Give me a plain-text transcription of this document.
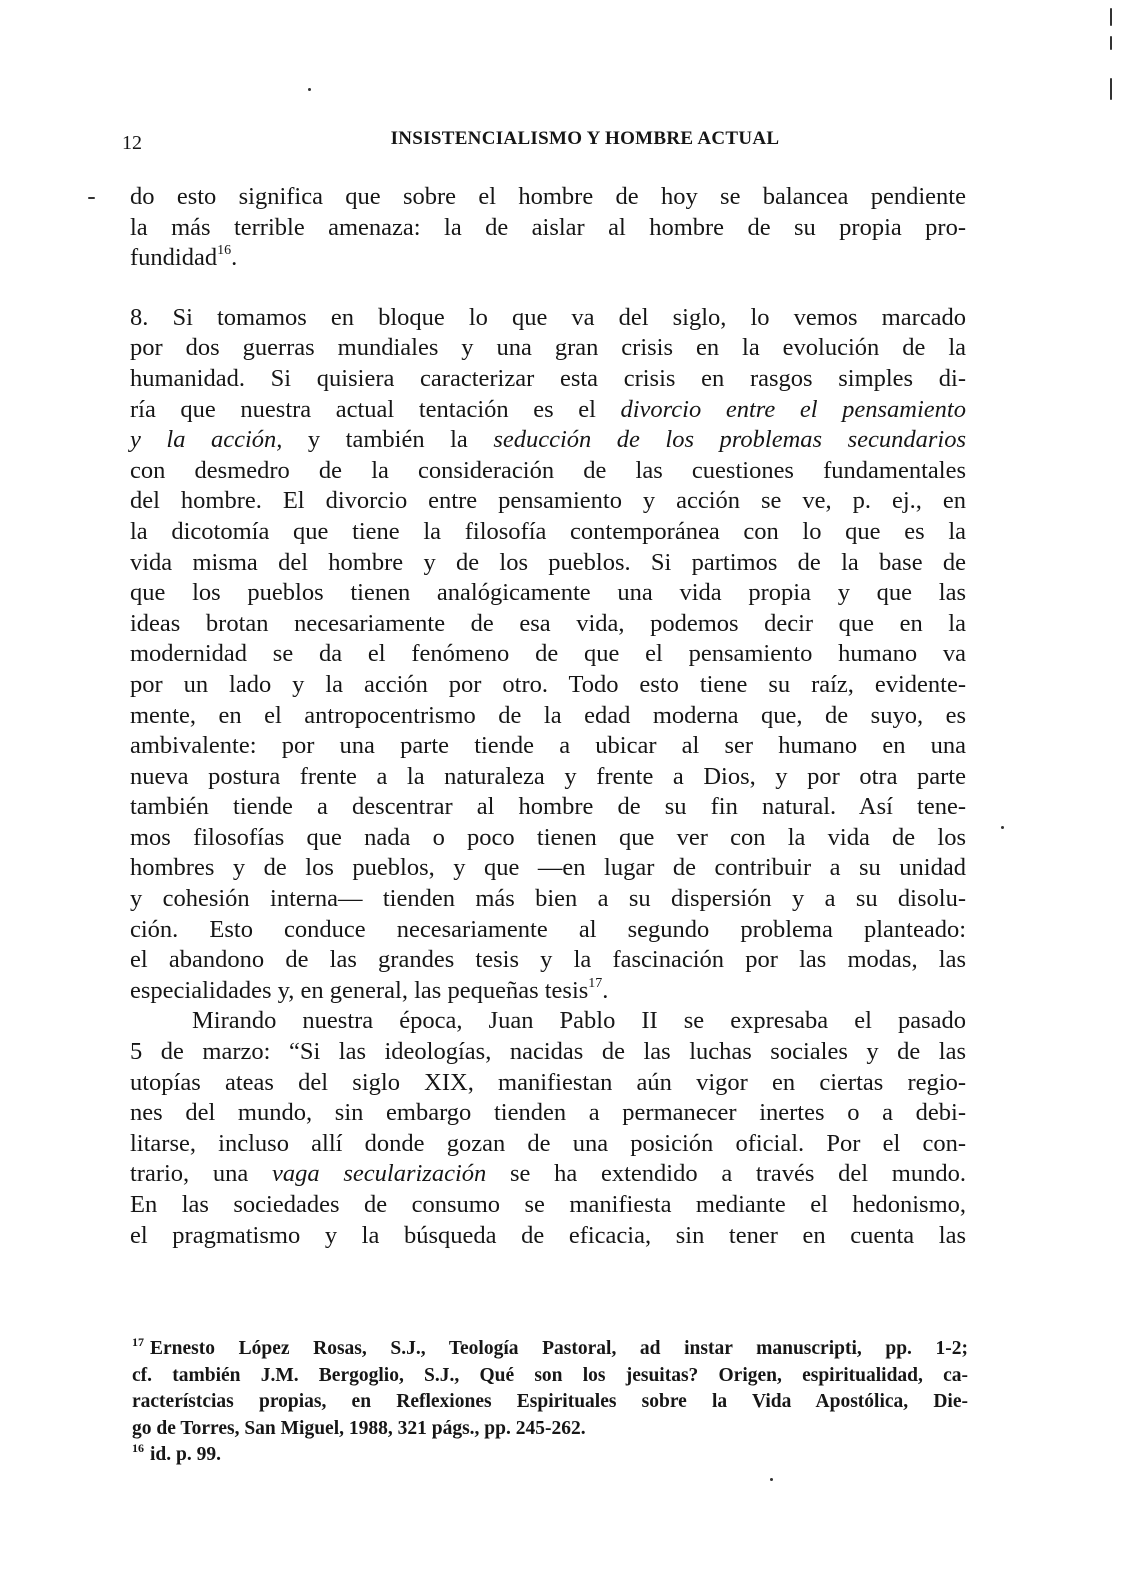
12	INSISTENCIALISMO Y HOMBRE ACTUAL

do esto significa que sobre el hombre de hoy se balancea pendiente
la más terrible amenaza: la de aislar al hombre de su propia pro-
fundidad$^{16}$.

8. Si tomamos en bloque lo que va del siglo, lo vemos marcado
por dos guerras mundiales y una gran crisis en la evolución de la
humanidad. Si quisiera caracterizar esta crisis en rasgos simples di-
ría que nuestra actual tentación es el divorcio entre el pensamiento
y la acción, y también la seducción de los problemas secundarios
con desmedro de la consideración de las cuestiones fundamentales
del hombre. El divorcio entre pensamiento y acción se ve, p. ej., en
la dicotomía que tiene la filosofía contemporánea con lo que es la
vida misma del hombre y de los pueblos. Si partimos de la base de
que los pueblos tienen analógicamente una vida propia y que las
ideas brotan necesariamente de esa vida, podemos decir que en la
modernidad se da el fenómeno de que el pensamiento humano va
por un lado y la acción por otro. Todo esto tiene su raíz, evidente-
mente, en el antropocentrismo de la edad moderna que, de suyo, es
ambivalente: por una parte tiende a ubicar al ser humano en una
nueva postura frente a la naturaleza y frente a Dios, y por otra parte
también tiende a descentrar al hombre de su fin natural. Así tene-
mos filosofías que nada o poco tienen que ver con la vida de los
hombres y de los pueblos, y que —en lugar de contribuir a su unidad
y cohesión interna— tienden más bien a su dispersión y a su disolu-
ción. Esto conduce necesariamente al segundo problema planteado:
el abandono de las grandes tesis y la fascinación por las modas, las
especialidades y, en general, las pequeñas tesis$^{17}$.

Mirando nuestra época, Juan Pablo II se expresaba el pasado
5 de marzo: “Si las ideologías, nacidas de las luchas sociales y de las
utopías ateas del siglo XIX, manifiestan aún vigor en ciertas regio-
nes del mundo, sin embargo tienden a permanecer inertes o a debi-
litarse, incluso allí donde gozan de una posición oficial. Por el con-
trario, una vaga secularización se ha extendido a través del mundo.
En las sociedades de consumo se manifiesta mediante el hedonismo,
el pragmatismo y la búsqueda de eficacia, sin tener en cuenta las

$^{17}$ Ernesto López Rosas, S.J., Teología Pastoral, ad instar manuscripti, pp. 1-2;
cf. también J.M. Bergoglio, S.J., Qué son los jesuitas? Origen, espiritualidad, ca-
racterístcias propias, en Reflexiones Espirituales sobre la Vida Apostólica, Die-
go de Torres, San Miguel, 1988, 321 págs., pp. 245-262.
$^{16}$ id. p. 99.
